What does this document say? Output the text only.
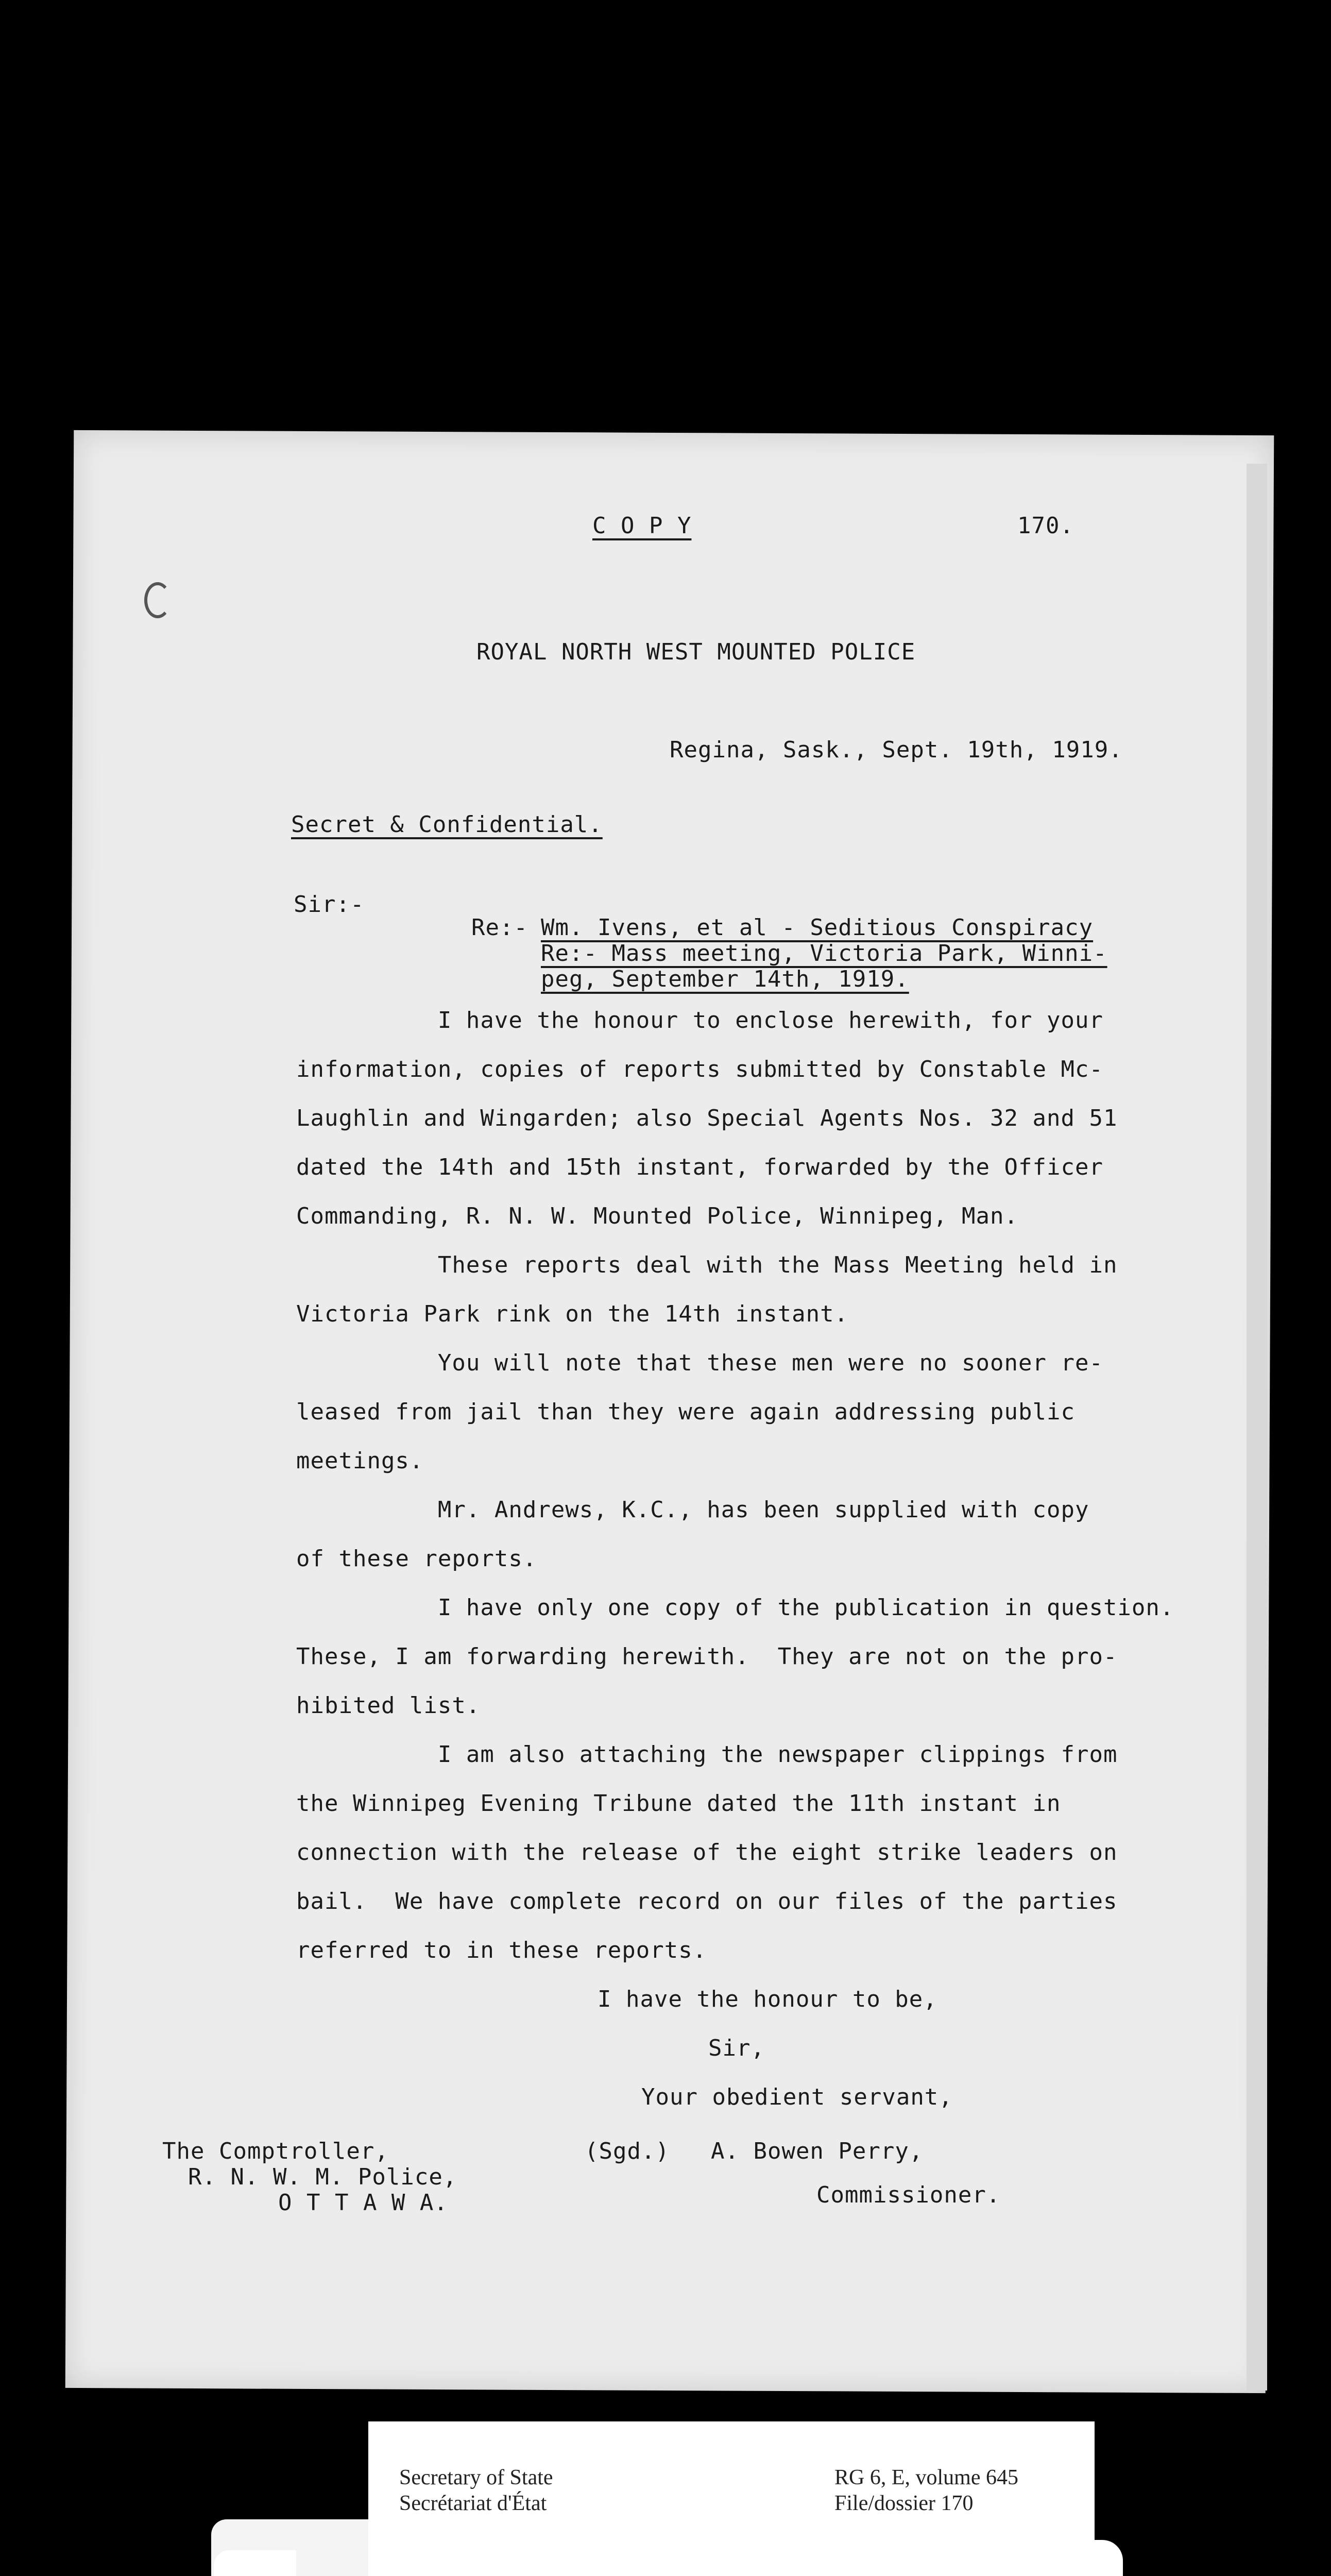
C O P Y	170.
ROYAL NORTH WEST MOUNTED POLICE
Regina, Sask., Sept. 19th, 1919.
Secret & Confidential.
Sir:-
Re:- Wm. Ivens, et al - Seditious Conspiracy
Re:- Mass meeting, Victoria Park, Winni-
peg, September 14th, 1919.
I have the honour to enclose herewith, for your
information, copies of reports submitted by Constable Mc-
Laughlin and Wingarden; also Special Agents Nos. 32 and 51
dated the 14th and 15th instant, forwarded by the Officer
Commanding, R. N. W. Mounted Police, Winnipeg, Man.
These reports deal with the Mass Meeting held in
Victoria Park rink on the 14th instant.
You will note that these men were no sooner re-
leased from jail than they were again addressing public
meetings.
Mr. Andrews, K.C., has been supplied with copy
of these reports.
I have only one copy of the publication in question.
These, I am forwarding herewith.  They are not on the pro-
hibited list.
I am also attaching the newspaper clippings from
the Winnipeg Evening Tribune dated the 11th instant in
connection with the release of the eight strike leaders on
bail.  We have complete record on our files of the parties
referred to in these reports.
I have the honour to be,
Sir,
Your obedient servant,
(Sgd.) A. Bowen Perry,
Commissioner.
The Comptroller,
R. N. W. M. Police,
O T T A W A.
Secretary of State
Secrétariat d'État
RG 6, E, volume 645
File/dossier 170
